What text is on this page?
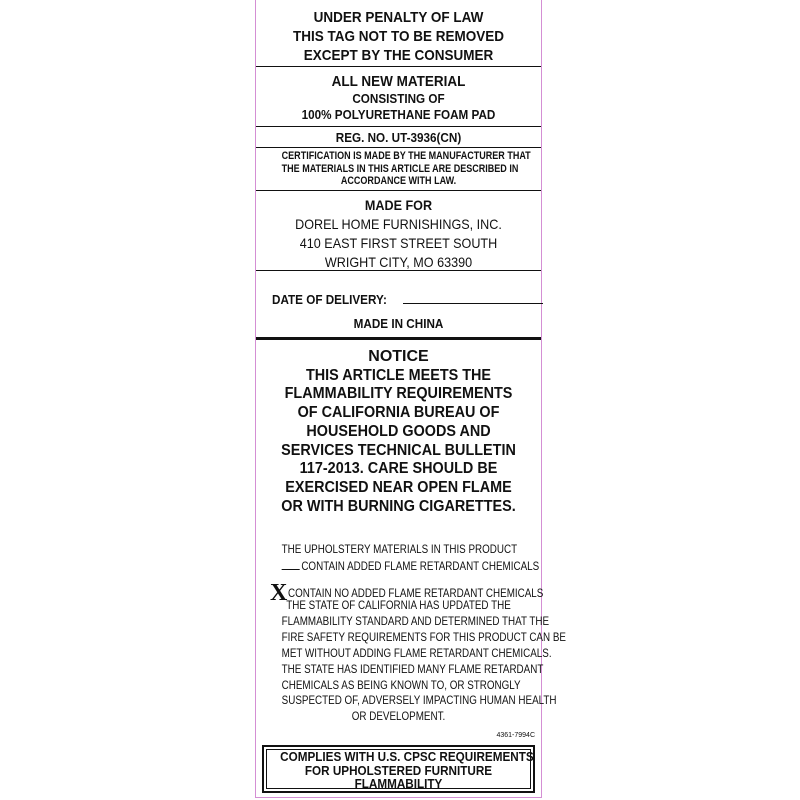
UNDER PENALTY OF LAW
THIS TAG NOT TO BE REMOVED
EXCEPT BY THE CONSUMER
ALL NEW MATERIAL
CONSISTING OF
100% POLYURETHANE FOAM PAD
REG. NO. UT-3936(CN)
CERTIFICATION IS MADE BY THE MANUFACTURER THAT
THE MATERIALS IN THIS ARTICLE ARE DESCRIBED IN
ACCORDANCE WITH LAW.
MADE FOR
DOREL HOME FURNISHINGS, INC.
410 EAST FIRST STREET SOUTH
WRIGHT CITY, MO 63390
DATE OF DELIVERY:
MADE IN CHINA
NOTICE
THIS ARTICLE MEETS THE
FLAMMABILITY REQUIREMENTS
OF CALIFORNIA BUREAU OF
HOUSEHOLD GOODS AND
SERVICES TECHNICAL BULLETIN
117-2013. CARE SHOULD BE
EXERCISED NEAR OPEN FLAME
OR WITH BURNING CIGARETTES.
THE UPHOLSTERY MATERIALS IN THIS PRODUCT
CONTAIN ADDED FLAME RETARDANT CHEMICALS
XCONTAIN NO ADDED FLAME RETARDANT CHEMICALS
THE STATE OF CALIFORNIA HAS UPDATED THE
FLAMMABILITY STANDARD AND DETERMINED THAT THE
FIRE SAFETY REQUIREMENTS FOR THIS PRODUCT CAN BE
MET WITHOUT ADDING FLAME RETARDANT CHEMICALS.
THE STATE HAS IDENTIFIED MANY FLAME RETARDANT
CHEMICALS AS BEING KNOWN TO, OR STRONGLY
SUSPECTED OF, ADVERSELY IMPACTING HUMAN HEALTH
OR DEVELOPMENT.
4361-7994C
COMPLIES WITH U.S. CPSC REQUIREMENTS
FOR UPHOLSTERED FURNITURE
FLAMMABILITY
